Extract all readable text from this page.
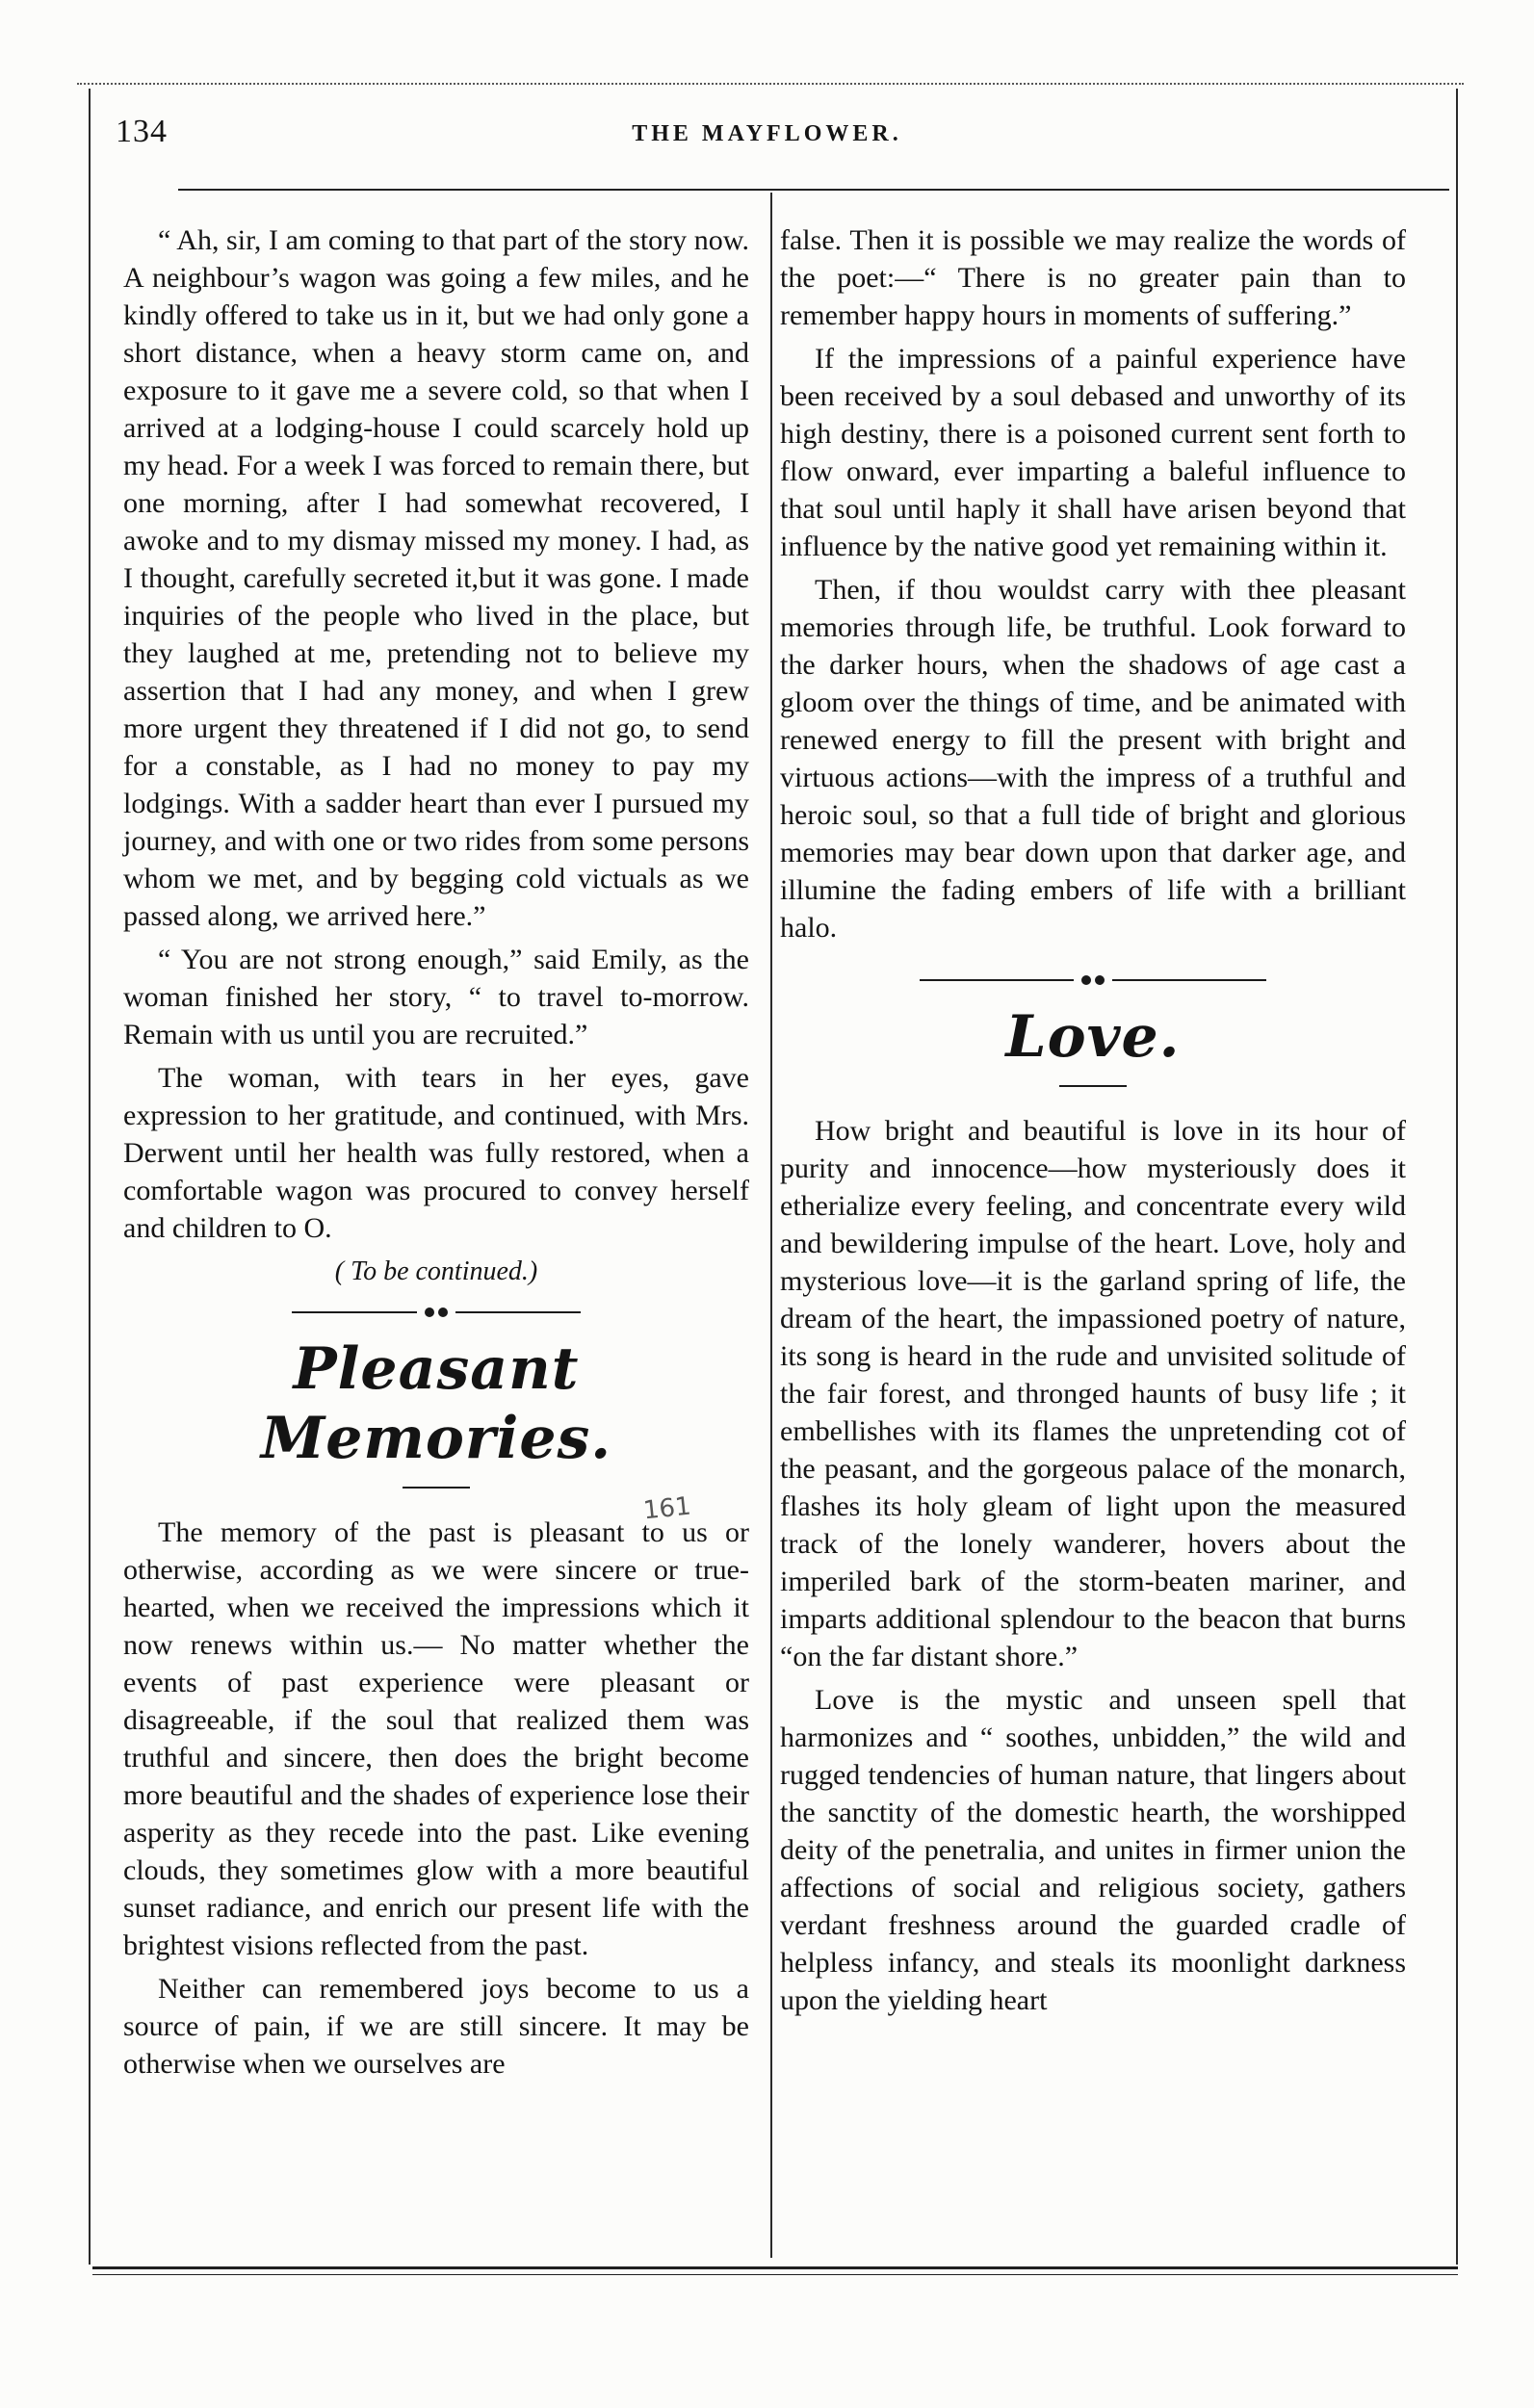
134	THE MAYFLOWER.

“ Ah, sir, I am coming to that part of the story now. A neighbour’s wagon was going a few miles, and he kindly offered to take us in it, but we had only gone a short distance, when a heavy storm came on, and exposure to it gave me a severe cold, so that when I arrived at a lodging-house I could scarcely hold up my head. For a week I was forced to remain there, but one morning, after I had somewhat recovered, I awoke and to my dismay missed my money. I had, as I thought, carefully secreted it,but it was gone. I made inquiries of the people who lived in the place, but they laughed at me, pretending not to believe my assertion that I had any money, and when I grew more urgent they threatened if I did not go, to send for a constable, as I had no money to pay my lodgings. With a sadder heart than ever I pursued my journey, and with one or two rides from some persons whom we met, and by begging cold victuals as we passed along, we arrived here.”

“ You are not strong enough,” said Emily, as the woman finished her story, “ to travel to-morrow. Remain with us until you are recruited.”

The woman, with tears in her eyes, gave expression to her gratitude, and continued, with Mrs. Derwent until her health was fully restored, when a comfortable wagon was procured to convey herself and children to O.

( To be continued.)

Pleasant Memories.

The memory of the past is pleasant to us or otherwise, according as we were sincere or true-hearted, when we received the impressions which it now renews within us.— No matter whether the events of past experience were pleasant or disagreeable, if the soul that realized them was truthful and sincere, then does the bright become more beautiful and the shades of experience lose their asperity as they recede into the past. Like evening clouds, they sometimes glow with a more beautiful sunset radiance, and enrich our present life with the brightest visions reflected from the past.

Neither can remembered joys become to us a source of pain, if we are still sincere. It may be otherwise when we ourselves are

161

false. Then it is possible we may realize the words of the poet:—“ There is no greater pain than to remember happy hours in moments of suffering.”

If the impressions of a painful experience have been received by a soul debased and unworthy of its high destiny, there is a poisoned current sent forth to flow onward, ever imparting a baleful influence to that soul until haply it shall have arisen beyond that influence by the native good yet remaining within it.

Then, if thou wouldst carry with thee pleasant memories through life, be truthful. Look forward to the darker hours, when the shadows of age cast a gloom over the things of time, and be animated with renewed energy to fill the present with bright and virtuous actions—with the impress of a truthful and heroic soul, so that a full tide of bright and glorious memories may bear down upon that darker age, and illumine the fading embers of life with a brilliant halo.

Love.

How bright and beautiful is love in its hour of purity and innocence—how mysteriously does it etherialize every feeling, and concentrate every wild and bewildering impulse of the heart. Love, holy and mysterious love—it is the garland spring of life, the dream of the heart, the impassioned poetry of nature, its song is heard in the rude and unvisited solitude of the fair forest, and thronged haunts of busy life ; it embellishes with its flames the unpretending cot of the peasant, and the gorgeous palace of the monarch, flashes its holy gleam of light upon the measured track of the lonely wanderer, hovers about the imperiled bark of the storm-beaten mariner, and imparts additional splendour to the beacon that burns “on the far distant shore.”

Love is the mystic and unseen spell that harmonizes and “ soothes, unbidden,” the wild and rugged tendencies of human nature, that lingers about the sanctity of the domestic hearth, the worshipped deity of the penetralia, and unites in firmer union the affections of social and religious society, gathers verdant freshness around the guarded cradle of helpless infancy, and steals its moonlight darkness upon the yielding heart
